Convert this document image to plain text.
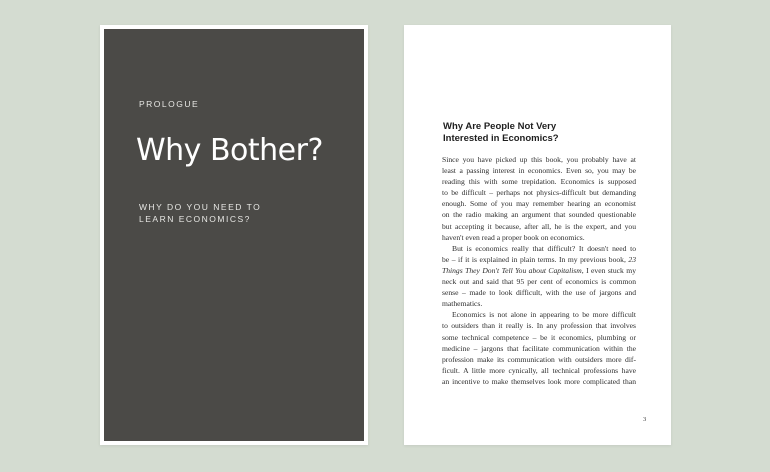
PROLOGUE
Why Bother?
WHY DO YOU NEED TO
LEARN ECONOMICS?
Why Are People Not Very
Interested in Economics?
Since you have picked up this book, you probably have at
least a passing interest in economics. Even so, you may be
reading this with some trepidation. Economics is supposed
to be difficult – perhaps not physics-difficult but demanding
enough. Some of you may remember hearing an economist
on the radio making an argument that sounded questionable
but accepting it because, after all, he is the expert, and you
haven't even read a proper book on economics.
But is economics really that difficult? It doesn't need to
be – if it is explained in plain terms. In my previous book, 23
Things They Don't Tell You about Capitalism, I even stuck my
neck out and said that 95 per cent of economics is common
sense – made to look difficult, with the use of jargons and
mathematics.
Economics is not alone in appearing to be more difficult
to outsiders than it really is. In any profession that involves
some technical competence – be it economics, plumbing or
medicine – jargons that facilitate communication within the
profession make its communication with outsiders more dif-
ficult. A little more cynically, all technical professions have
an incentive to make themselves look more complicated than
3
